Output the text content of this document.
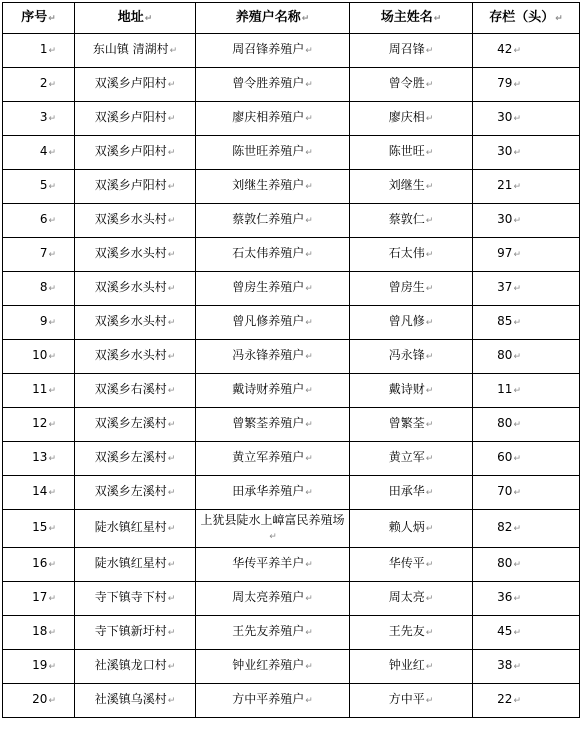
序号↵	地址↵	养殖户名称↵	场主姓名↵	存栏（头）↵
1↵	东山镇 清湖村↵	周召锋养殖户↵	周召锋↵	42↵
2↵	双溪乡卢阳村↵	曾令胜养殖户↵	曾令胜↵	79↵
3↵	双溪乡卢阳村↵	廖庆相养殖户↵	廖庆相↵	30↵
4↵	双溪乡卢阳村↵	陈世旺养殖户↵	陈世旺↵	30↵
5↵	双溪乡卢阳村↵	刘继生养殖户↵	刘继生↵	21↵
6↵	双溪乡水头村↵	蔡敦仁养殖户↵	蔡敦仁↵	30↵
7↵	双溪乡水头村↵	石太伟养殖户↵	石太伟↵	97↵
8↵	双溪乡水头村↵	曾房生养殖户↵	曾房生↵	37↵
9↵	双溪乡水头村↵	曾凡修养殖户↵	曾凡修↵	85↵
10↵	双溪乡水头村↵	冯永锋养殖户↵	冯永锋↵	80↵
11↵	双溪乡右溪村↵	戴诗财养殖户↵	戴诗财↵	11↵
12↵	双溪乡左溪村↵	曾繁荃养殖户↵	曾繁荃↵	80↵
13↵	双溪乡左溪村↵	黄立军养殖户↵	黄立军↵	60↵
14↵	双溪乡左溪村↵	田承华养殖户↵	田承华↵	70↵
15↵	陡水镇红星村↵	上犹县陡水上嶂富民养殖场↵	赖人炳↵	82↵
16↵	陡水镇红星村↵	华传平养羊户↵	华传平↵	80↵
17↵	寺下镇寺下村↵	周太亮养殖户↵	周太亮↵	36↵
18↵	寺下镇新圩村↵	王先友养殖户↵	王先友↵	45↵
19↵	社溪镇龙口村↵	钟业红养殖户↵	钟业红↵	38↵
20↵	社溪镇乌溪村↵	方中平养殖户↵	方中平↵	22↵
